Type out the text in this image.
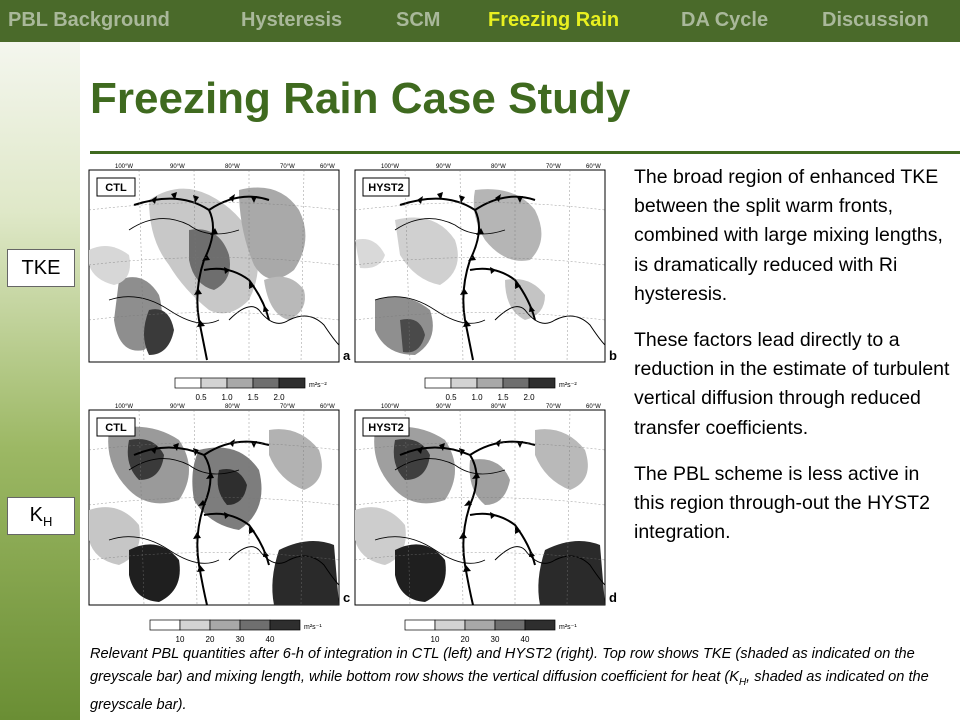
PBL Background	Hysteresis	SCM Freezing Rain	DA Cycle	Discussion
TKE
$K_H$
Freezing Rain Case Study
CTL
a
HYST2
b
0.5 1.0 1.5 2.0
m²s⁻²
0.5 1.0 1.5 2.0
m²s⁻²
CTL
c
HYST2
d
10	20	30	40
m²s⁻¹
10	20	30	40
m²s⁻¹
100°W	90°W	80°W	70°W	60°W	100°W	90°W	80°W	70°W	60°W
100°W	90°W	80°W	70°W	60°W	100°W	90°W	80°W	70°W	60°W

The broad region of enhanced TKE between the split warm fronts, combined with large mixing lengths, is dramatically reduced with Ri hysteresis.

These factors lead directly to a reduction in the estimate of turbulent vertical diffusion through reduced transfer coefficients.

The PBL scheme is less active in this region through-out the HYST2 integration.

Relevant PBL quantities after 6-h of integration in CTL (left) and HYST2 (right). Top row shows TKE (shaded as indicated on the greyscale bar) and mixing length, while bottom row shows the vertical diffusion coefficient for heat ($K_H$, shaded as indicated on the greyscale bar).
